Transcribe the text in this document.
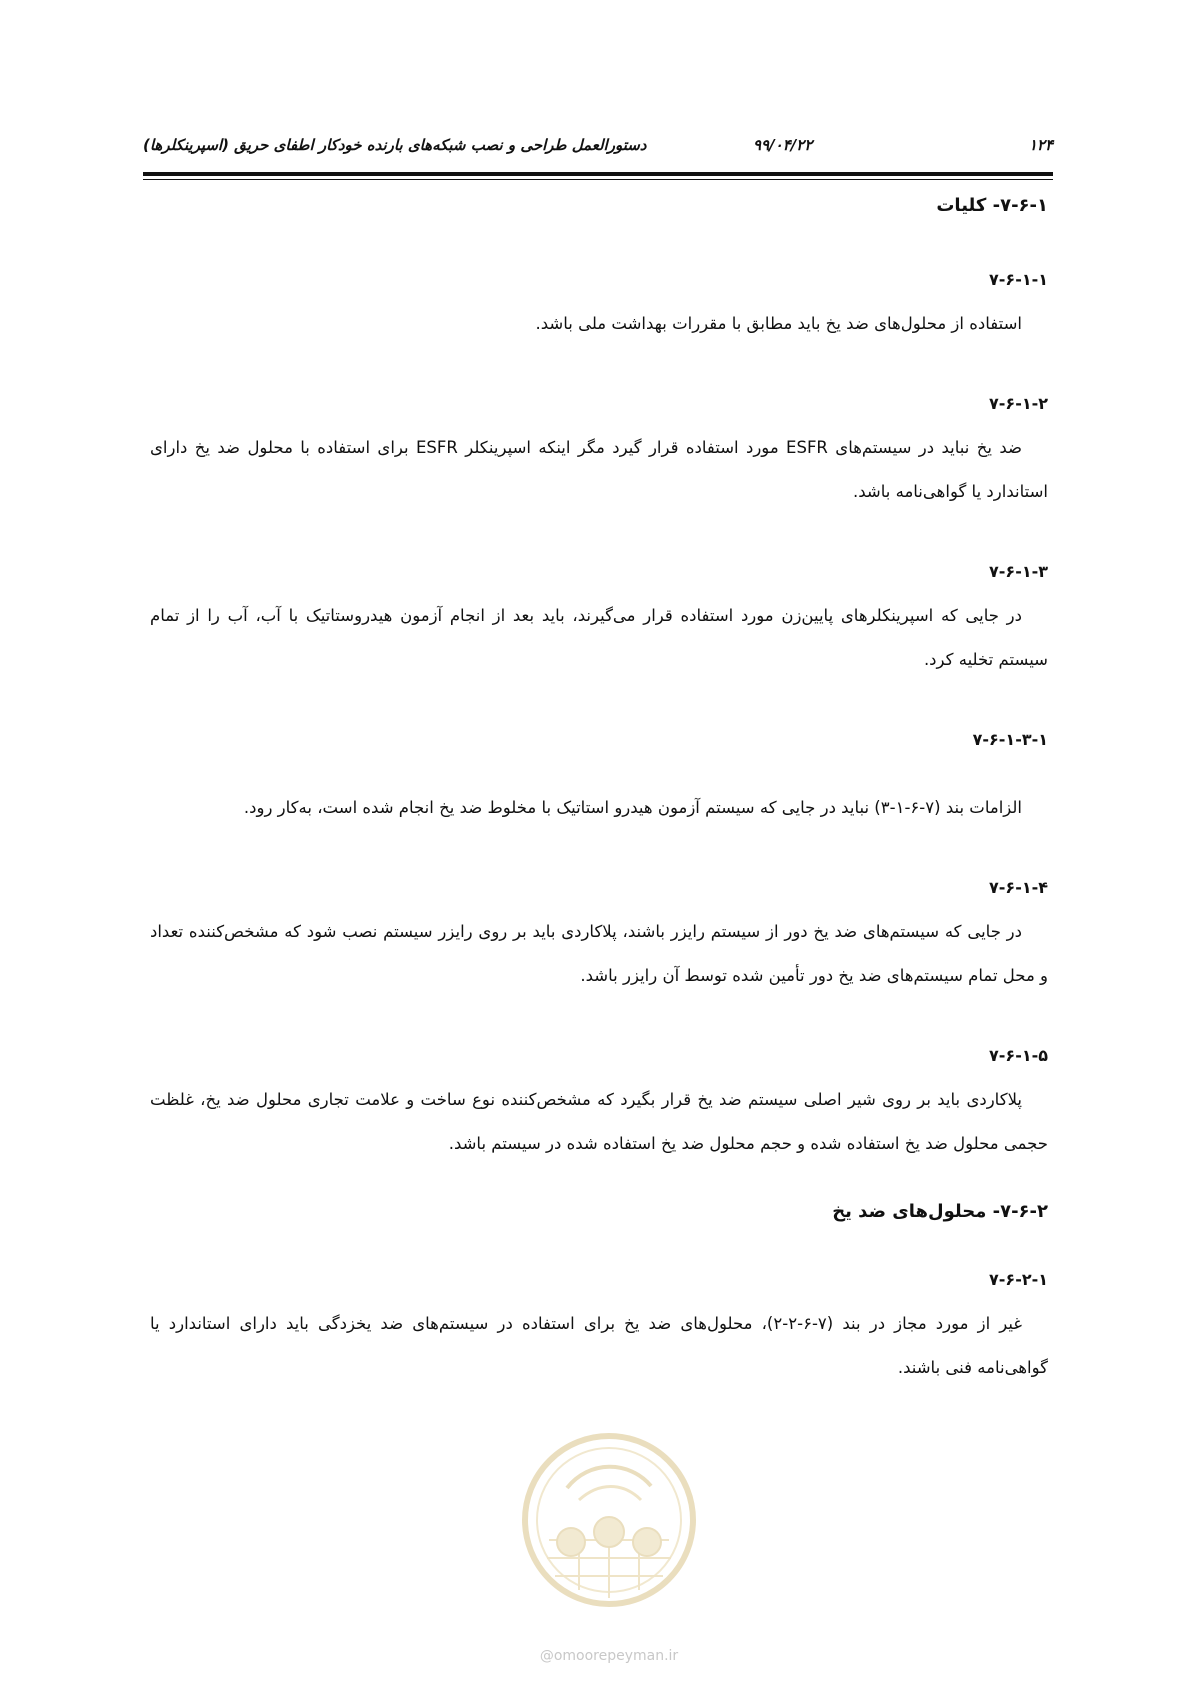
۱۲۴
۹۹/۰۴/۲۲
دستورالعمل طراحی و نصب شبکه‌های بارنده خودکار اطفای حریق (اسپرینکلرها)
۷-۶-۱- کلیات
۷-۶-۱-۱

استفاده از محلول‌های ضد یخ باید مطابق با مقررات بهداشت ملی باشد.

۷-۶-۱-۲

ضد یخ نباید در سیستم‌های ESFR مورد استفاده قرار گیرد مگر اینکه اسپرینکلر ESFR برای استفاده با محلول ضد یخ دارای استاندارد یا گواهی‌نامه باشد.

۷-۶-۱-۳

در جایی که اسپرینکلرهای پایین‌زن مورد استفاده قرار می‌گیرند، باید بعد از انجام آزمون هیدروستاتیک با آب، آب را از تمام سیستم تخلیه کرد.

۷-۶-۱-۳-۱

الزامات بند (۷-۶-۱-۳) نباید در جایی که سیستم آزمون هیدرو استاتیک با مخلوط ضد یخ انجام شده است، به‌کار رود.

۷-۶-۱-۴

در جایی که سیستم‌های ضد یخ دور از سیستم رایزر باشند، پلاکاردی باید بر روی رایزر سیستم نصب شود که مشخص‌کننده تعداد و محل تمام سیستم‌های ضد یخ دور تأمین شده توسط آن رایزر باشد.

۷-۶-۱-۵

پلاکاردی باید بر روی شیر اصلی سیستم ضد یخ قرار بگیرد که مشخص‌کننده نوع ساخت و علامت تجاری محلول ضد یخ، غلظت حجمی محلول ضد یخ استفاده شده و حجم محلول ضد یخ استفاده شده در سیستم باشد.

۷-۶-۲- محلول‌های ضد یخ
۷-۶-۲-۱

غیر از مورد مجاز در بند (۷-۶-۲-۲)، محلول‌های ضد یخ برای استفاده در سیستم‌های ضد یخزدگی باید دارای استاندارد یا گواهی‌نامه فنی باشند.

@omoorepeyman.ir
